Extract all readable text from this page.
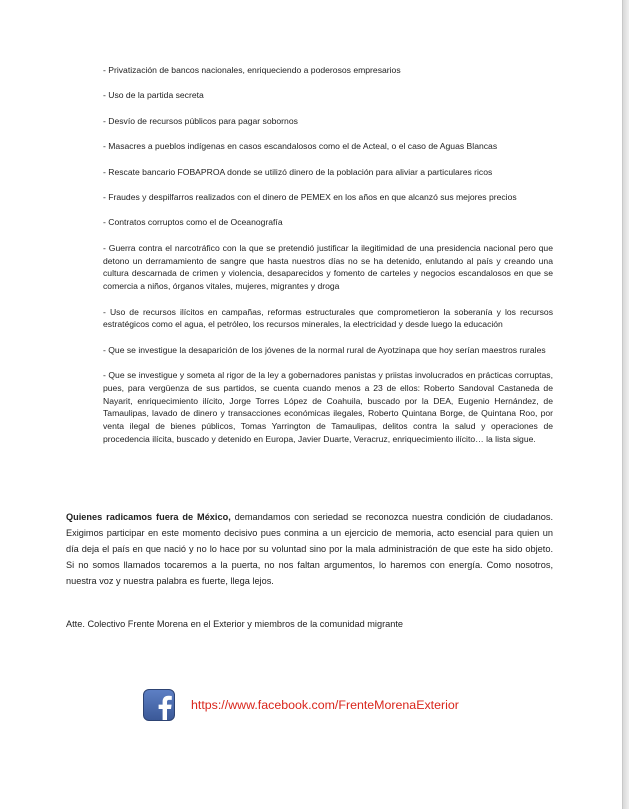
- Privatización de bancos nacionales, enriqueciendo a poderosos empresarios

- Uso de la partida secreta

- Desvío de recursos públicos para pagar sobornos

- Masacres a pueblos indígenas en casos escandalosos como el de Acteal, o el caso de Aguas Blancas

- Rescate bancario FOBAPROA donde se utilizó dinero de la población para aliviar a particulares ricos

- Fraudes y despilfarros realizados con el dinero de PEMEX en los años en que alcanzó sus mejores precios

- Contratos corruptos como el de Oceanografía

- Guerra contra el narcotráfico con la que se pretendió justificar la ilegitimidad de una presidencia nacional pero que detono un derramamiento de sangre que hasta nuestros días no se ha detenido, enlutando al país y creando una cultura descarnada de crimen y violencia, desaparecidos y fomento de carteles y negocios escandalosos en que se comercia a niños, órganos vitales, mujeres, migrantes y droga

- Uso de recursos ilícitos en campañas, reformas estructurales que comprometieron la soberanía y los recursos estratégicos como el agua, el petróleo, los recursos minerales, la electricidad y desde luego la educación

- Que se investigue la desaparición de los jóvenes de la normal rural de Ayotzinapa que hoy serían maestros rurales

- Que se investigue y someta al rigor de la ley a gobernadores panistas y priistas involucrados en prácticas corruptas, pues, para vergüenza de sus partidos, se cuenta cuando menos a 23 de ellos: Roberto Sandoval Castaneda de Nayarit, enriquecimiento ilícito, Jorge Torres López de Coahuila, buscado por la DEA, Eugenio Hernández, de Tamaulipas, lavado de dinero y transacciones económicas ilegales, Roberto Quintana Borge, de Quintana Roo, por venta ilegal de bienes públicos, Tomas Yarrington de Tamaulipas, delitos contra la salud y operaciones de procedencia ilícita, buscado y detenido en Europa, Javier Duarte, Veracruz, enriquecimiento ilícito… la lista sigue.

Quienes radicamos fuera de México, demandamos con seriedad se reconozca nuestra condición de ciudadanos. Exigimos participar en este momento decisivo pues conmina a un ejercicio de memoria, acto esencial para quien un día deja el país en que nació y no lo hace por su voluntad sino por la mala administración de que este ha sido objeto. Si no somos llamados tocaremos a la puerta, no nos faltan argumentos, lo haremos con energía. Como nosotros, nuestra voz y nuestra palabra es fuerte, llega lejos.

Atte. Colectivo Frente Morena en el Exterior y miembros de la comunidad migrante

https://www.facebook.com/FrenteMorenaExterior
